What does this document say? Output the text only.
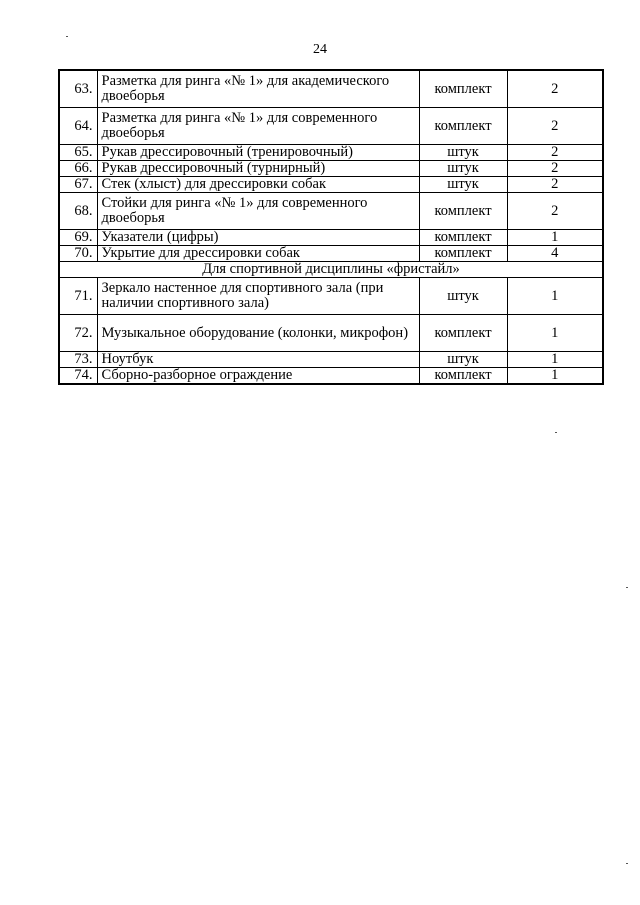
24
63.	Разметка для ринга «№ 1» для академического двоеборья	комплект	2
64.	Разметка для ринга «№ 1» для современного двоеборья	комплект	2
65.	Рукав дрессировочный (тренировочный)	штук	2
66.	Рукав дрессировочный (турнирный)	штук	2
67.	Стек (хлыст) для дрессировки собак	штук	2
68.	Стойки для ринга «№ 1» для современного двоеборья	комплект	2
69.	Указатели (цифры)	комплект	1
70.	Укрытие для дрессировки собак	комплект	4
Для спортивной дисциплины «фристайл»			
71.	Зеркало настенное для спортивного зала (при наличии спортивного зала)	штук	1
72.	Музыкальное оборудование (колонки, микрофон)	комплект	1
73.	Ноутбук	штук	1
74.	Сборно-разборное ограждение	комплект	1
